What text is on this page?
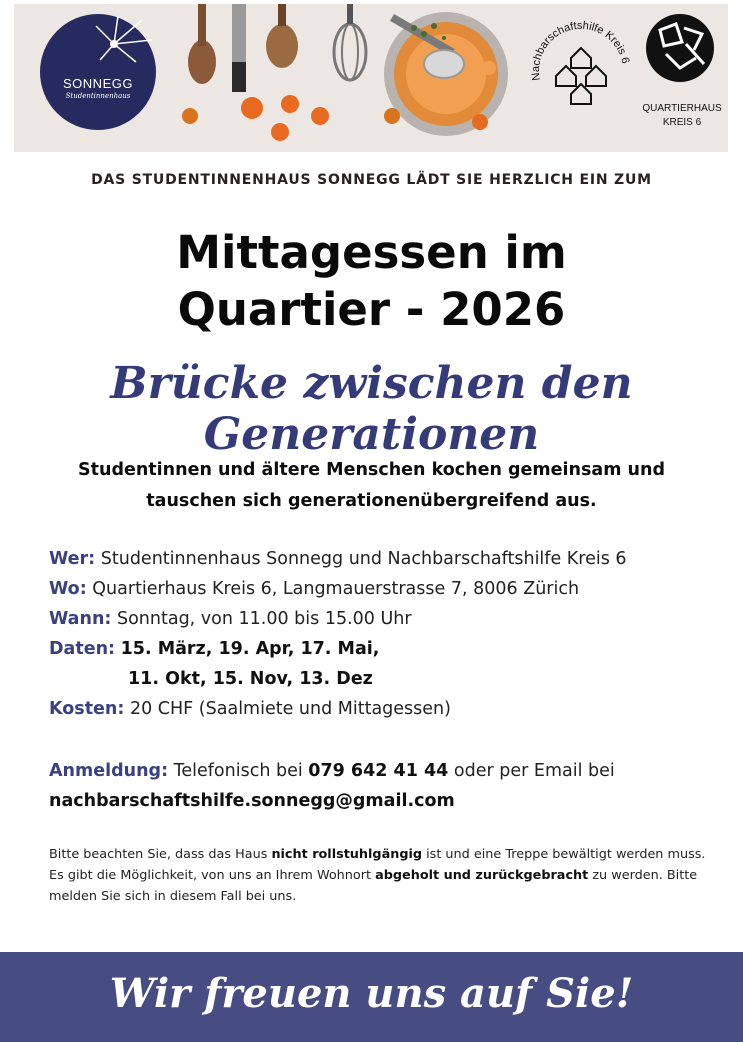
SONNEGG
Studentinnenhaus
Nachbarschaftshilfe Kreis 6
QUARTIERHAUS
KREIS 6
DAS STUDENTINNENHAUS SONNEGG LÄDT SIE HERZLICH EIN ZUM
Mittagessen im
Quartier - 2026
Brücke zwischen den Generationen
Studentinnen und ältere Menschen kochen gemeinsam und tauschen sich generationenübergreifend aus.
Wer: Studentinnenhaus Sonnegg und Nachbarschaftshilfe Kreis 6
Wo: Quartierhaus Kreis 6, Langmauerstrasse 7, 8006 Zürich
Wann: Sonntag, von 11.00 bis 15.00 Uhr
Daten: 15. März, 19. Apr, 17. Mai,
11. Okt, 15. Nov, 13. Dez
Kosten: 20 CHF (Saalmiete und Mittagessen)
Anmeldung: Telefonisch bei 079 642 41 44 oder per Email bei
nachbarschaftshilfe.sonnegg@gmail.com

Bitte beachten Sie, dass das Haus nicht rollstuhlgängig ist und eine Treppe bewältigt werden muss.

Es gibt die Möglichkeit, von uns an Ihrem Wohnort abgeholt und zurückgebracht zu werden. Bitte melden Sie sich in diesem Fall bei uns.

Wir freuen uns auf Sie!
